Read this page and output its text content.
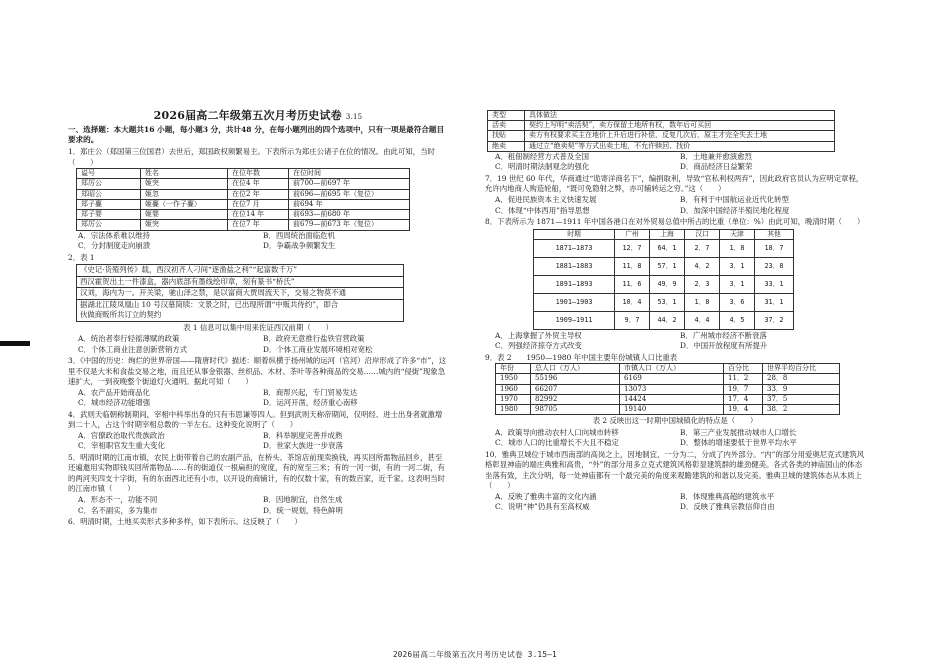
2026届高二年级第五次月考历史试卷 3.15

一、选择题：本大题共16 小题，每小题3 分，共计48 分，在每小题列出的四个选项中，只有一项是最符合题目要求的。

1．郑庄公（郑国第三位国君）去世后，郑国政权频繁易主。下表所示为郑庄公诸子在位的情况。由此可知，当时（　　）

谥号	姓名	在位年数	在位时间
郑厉公	姬突	在位4 年	前700—前697 年
郑昭公	姬忽	在位2 年	前696—前695 年（复位）
郑子亹	姬亹（一作子亹）	在位7 月	前694 年
郑子婴	姬婴	在位14 年	前693—前680 年
郑厉公	姬突	在位7 年	前679—前673 年（复位）
A．宗法体系难以维持	B．西周统治面临危机
C．分封制度走向崩溃	D．争霸战争频繁发生

2．表 1

《史记·货殖列传》载，西汉初齐人刁间“逐渔盐之利”“起富数千万”

西汉霍贺出土一件漆盒，器内底部有墨线绘印章，刻有篆书“桥氏”

汉刘，海内为一。开关梁，驰山泽之禁，是以富商大贾周流天下，交易之物莫不通
据湖北江陵凤凰山 10 号汉墓简牍：文景之时，已出现所谓“中贩共侍约”，即合
伙做商贩所共订立的契约

表 1 信息可以集中用来佐证西汉前期（　　）

A．统治者奉行轻徭薄赋的政策	B．政府无意推行盐铁官营政策
C．个体工商业注意创新营销方式	D．个体工商业发展环境相对宽松

3．《中国的历史：绚烂的世界帝国——隋唐时代》描述：顺着纵横于扬州城的运河（官河）沿岸形成了许多“市”，这里不仅是大米和食盐交易之地，而且还从事金银器、丝织品、木材、茶叶等各种商品的交易……城内的“侵街”现象急速扩大，一到夜晚整个街道灯火通明。据此可知（　　）

A．农产品开始商品化	B．商帮兴起，专门贸易发达
C．城市经济功能增强	D．运河开凿，经济重心南移

4．武则天临朝称制期间，宰相中科举出身的只有韦思谦等四人。但到武则天称帝期间，仅明经、进士出身者就激增到二十人，占这个时期宰相总数的一半左右。这种变化说明了（　　）

A．官僚政治取代贵族政治	B．科举制度完善并成熟
C．宰相职官发生重大变化	D．世家大族进一步衰落

5．明清时期的江南市镇，农民上街带着自己的农副产品，在桥头、茶馆店前现卖换钱，再买回所需物品回乡，甚至还遍邀用实物即钱买回所需物品……有的街道仅一根扁担的宽度，有的宽至三米；有的一河一街，有的一河二街，有的两河夹四支十字街，有的东南西北还有小市，以开设的商铺计，有的仅数十家，有的数百家，近千家。这表明当时的江南市镇（　　）

A．形态不一，功能不同	B．因地制宜，自然生成
C．名不副实，多为集市	D．统一规划，特色鲜明

6．明清时期，土地买卖形式多种多样，如下表所示。这反映了（　　）

类型	具体做法
活卖	契约上写明“卖活契”，卖方保留土地所有权，数年后可买回
找贴	卖方有权要求买主在地价上升后进行补偿，反复几次后，原主才完全失去土地
绝卖	通过立“绝卖契”等方式出卖土地，不允许赎回、找价
A．租佃制经营方式普及全国	B．土地兼并愈演愈烈
C．明清时期法制观念的强化	D．商品经济日益繁荣

7．19 世纪 60 年代，华商通过“诡寄洋商名下”，编捐取利，导致“官私利权两弃”，因此政府官员认为应明定章程，允许内地商人购造轮船，“既可免隐射之弊，亦可辅转运之穷。”这（　　）

A．促进民族资本主义快速发展	B．有利于中国航运业近代化转型
C．体现“中体西用”指导思想	D．加深中国经济半殖民地化程度

8．下表所示为 1871—1911 年中国各港口在对外贸易总值中所占的比重（单位：%）由此可知，晚清时期（　　）

时期	广州	上海	汉口	天津	其他
1871—1873	12．7	64．1	2．7	1．8	18．7
1881—1883	11．8	57．1	4．2	3．1	23．8
1891—1893	11．6	49．9	2．3	3．1	33．1
1901—1903	10．4	53．1	1．8	3．6	31．1
1909—1911	9．7	44．2	4．4	4．5	37．2
A．上海掌握了外贸主导权	B．广州城市经济不断衰落
C．列强经济掠夺方式改变	D．中国开放程度有所提升

9．表 2　　1950—1980 年中国主要年份城镇人口比重表

年份	总人口（万人）	市镇人口（万人）	百分比	世界平均百分比
1950	55196	6169	11．2	28．8
1960	66207	13073	19．7	33．9
1970	82992	14424	17．4	37．5
1980	98705	19140	19．4	38．2

表 2 反映出这一时期中国城镇化的特点是（　　）

A．政策导向推动农村人口向城市转移	B．第三产业发展推动城市人口增长
C．城市人口的比重增长不大且不稳定	D．整体的增速要低于世界平均水平

10．雅典卫城位于城市西南部的高岗之上，因地制宜，一分为二，分成了内外部分。“内”的部分用爱奥尼克式建筑风格彰显神庙的端庄典雅和高贵，“外”的部分用多立克式建筑风格彰显建筑群的雄劲健美。各式各类的神庙国山的体态坐落有致，主次分明，每一处神庙都有一个最完美的角度来观瞻建筑的和谐以及完美。雅典卫城的建筑体态从本质上（　　）

A．反映了雅典丰富的文化内涵	B．体现雅典高超的建筑水平
C．说明“神”仍具有至高权威	D．反映了雅典宗教信仰自由
2026届高二年级第五次月考历史试卷 3.15—1
